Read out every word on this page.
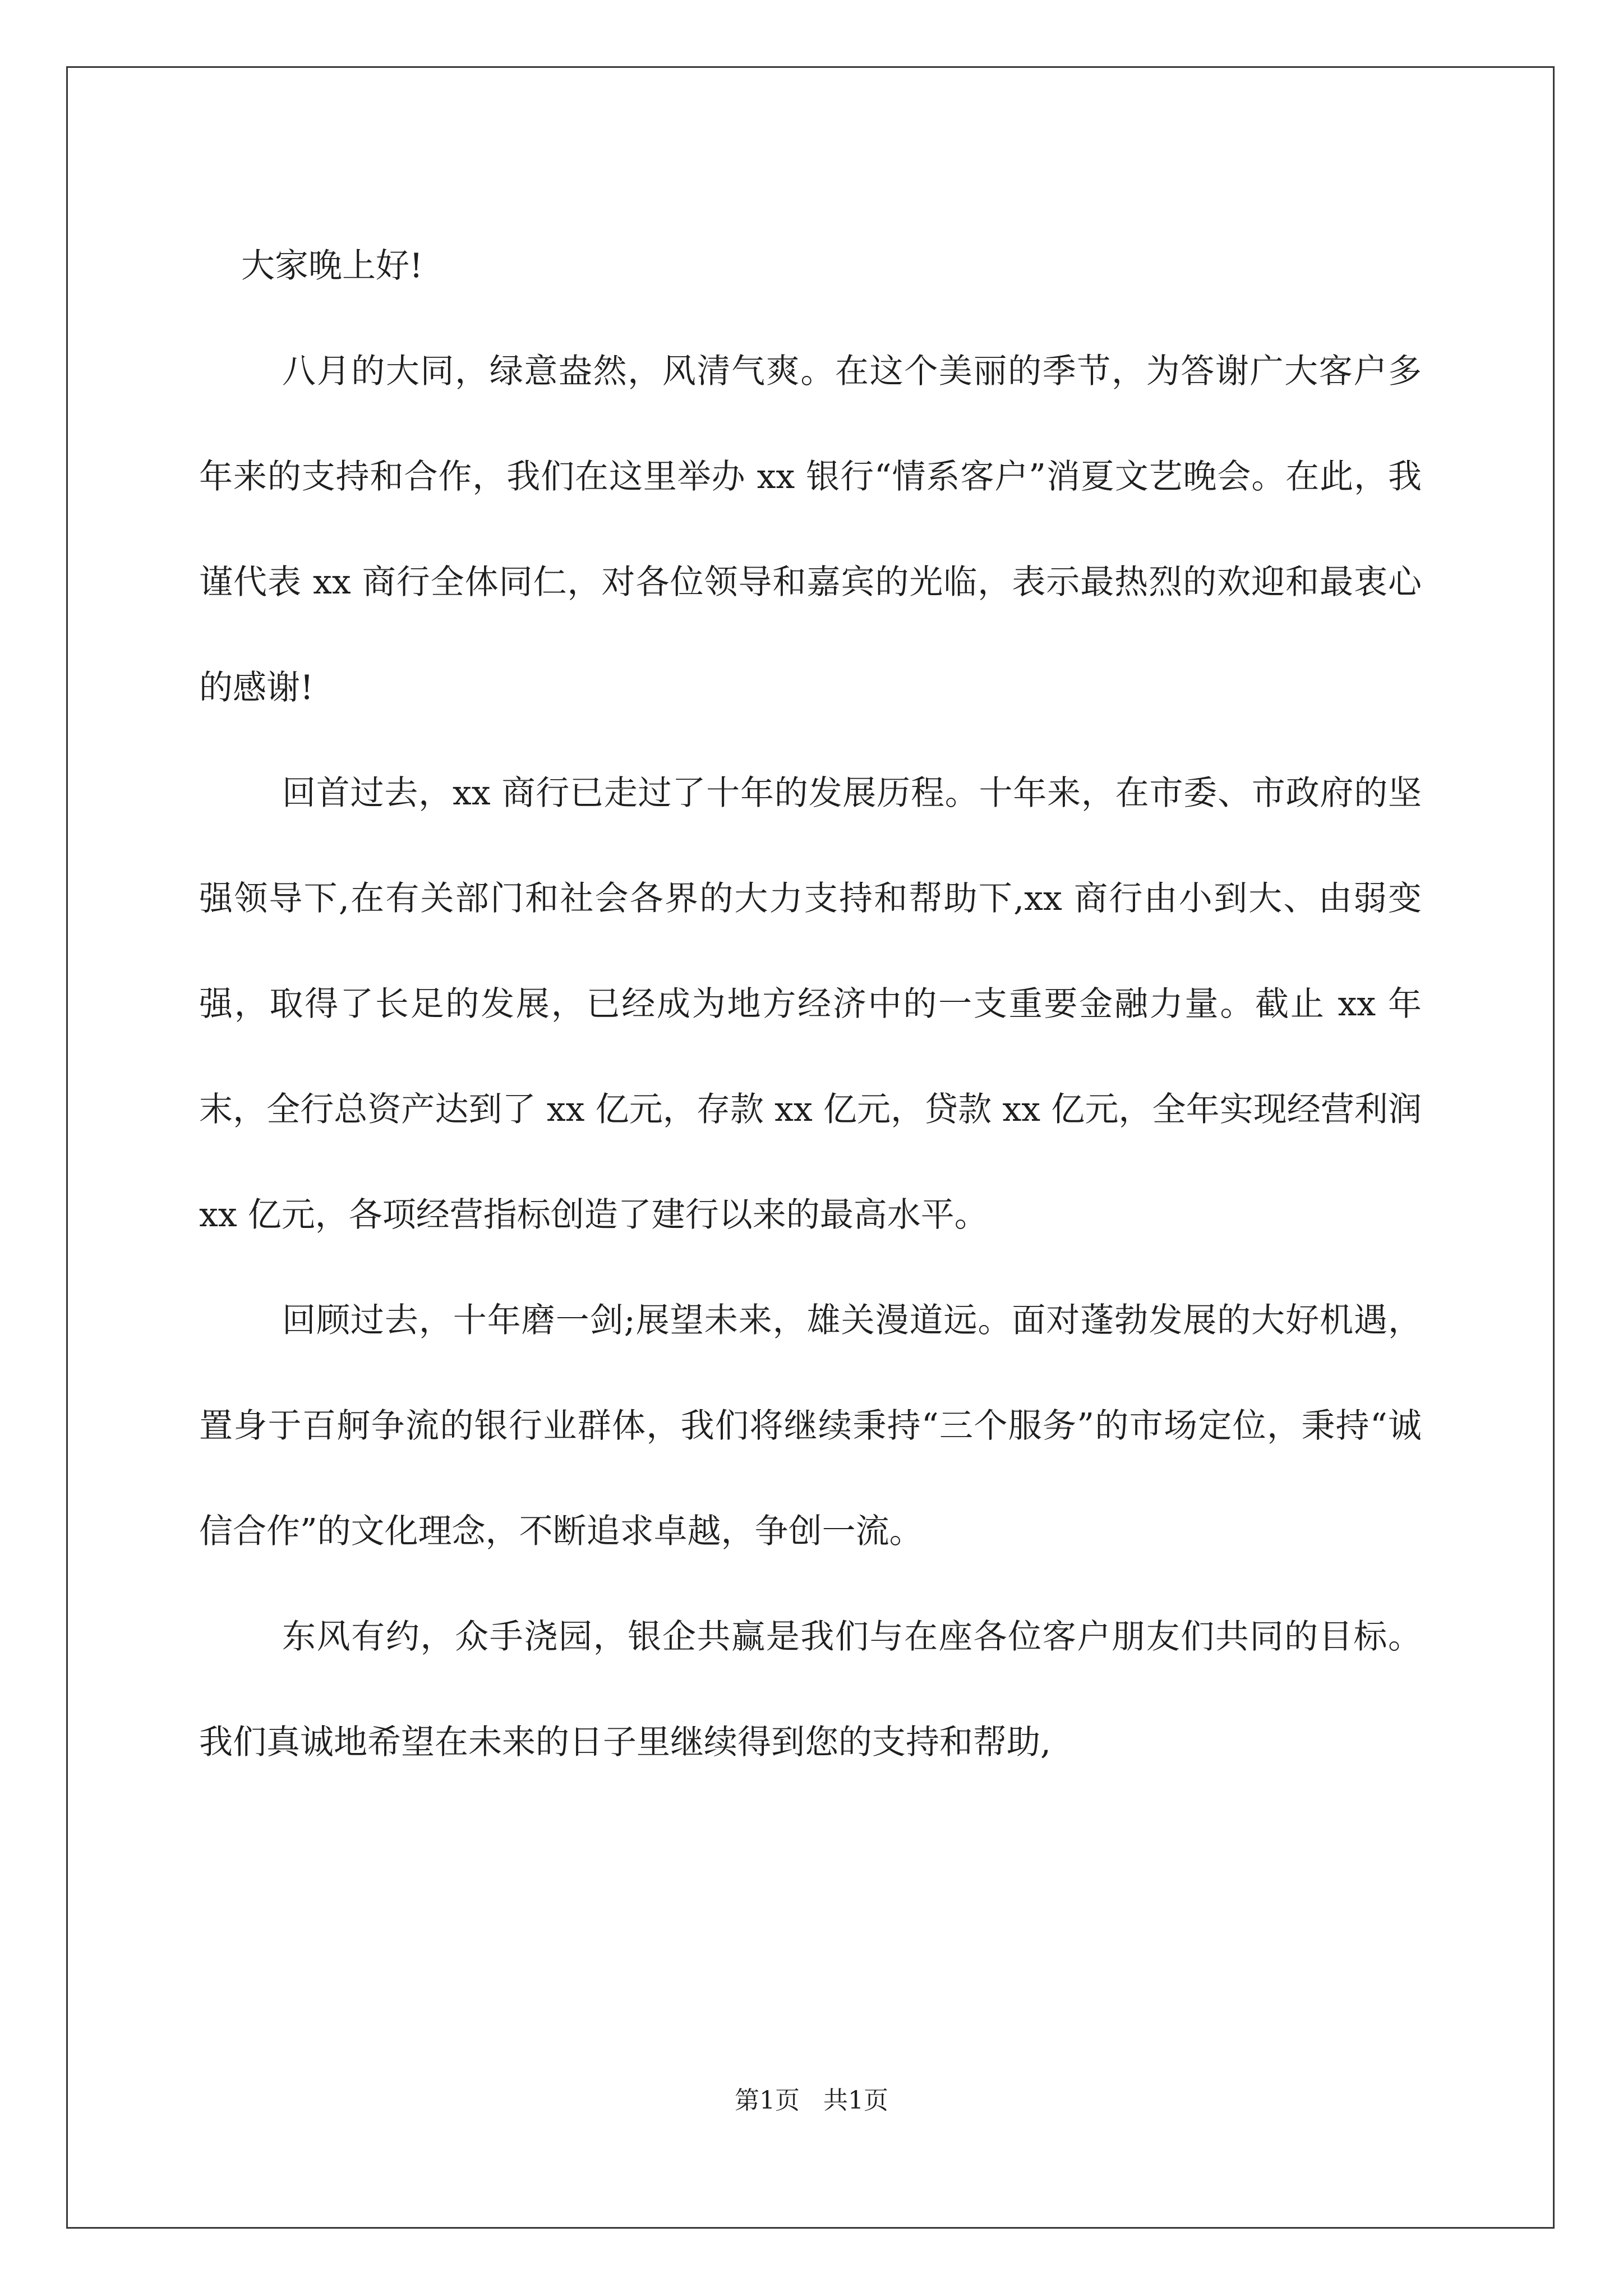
大家晚上好!

八月的大同，绿意盎然，风清气爽。在这个美丽的季节，为答谢广大客户多年来的支持和合作，我们在这里举办 xx 银行“情系客户”消夏文艺晚会。在此，我谨代表 xx 商行全体同仁，对各位领导和嘉宾的光临，表示最热烈的欢迎和最衷心的感谢!

回首过去，xx 商行已走过了十年的发展历程。十年来，在市委、市政府的坚强领导下,在有关部门和社会各界的大力支持和帮助下,xx 商行由小到大、由弱变强，取得了长足的发展，已经成为地方经济中的一支重要金融力量。截止 xx 年末，全行总资产达到了 xx 亿元，存款 xx 亿元，贷款 xx 亿元，全年实现经营利润 xx 亿元，各项经营指标创造了建行以来的最高水平。

回顾过去，十年磨一剑;展望未来，雄关漫道远。面对蓬勃发展的大好机遇，置身于百舸争流的银行业群体，我们将继续秉持“三个服务”的市场定位，秉持“诚信合作”的文化理念，不断追求卓越，争创一流。

东风有约，众手浇园，银企共赢是我们与在座各位客户朋友们共同的目标。我们真诚地希望在未来的日子里继续得到您的支持和帮助,

第1页   共1页
